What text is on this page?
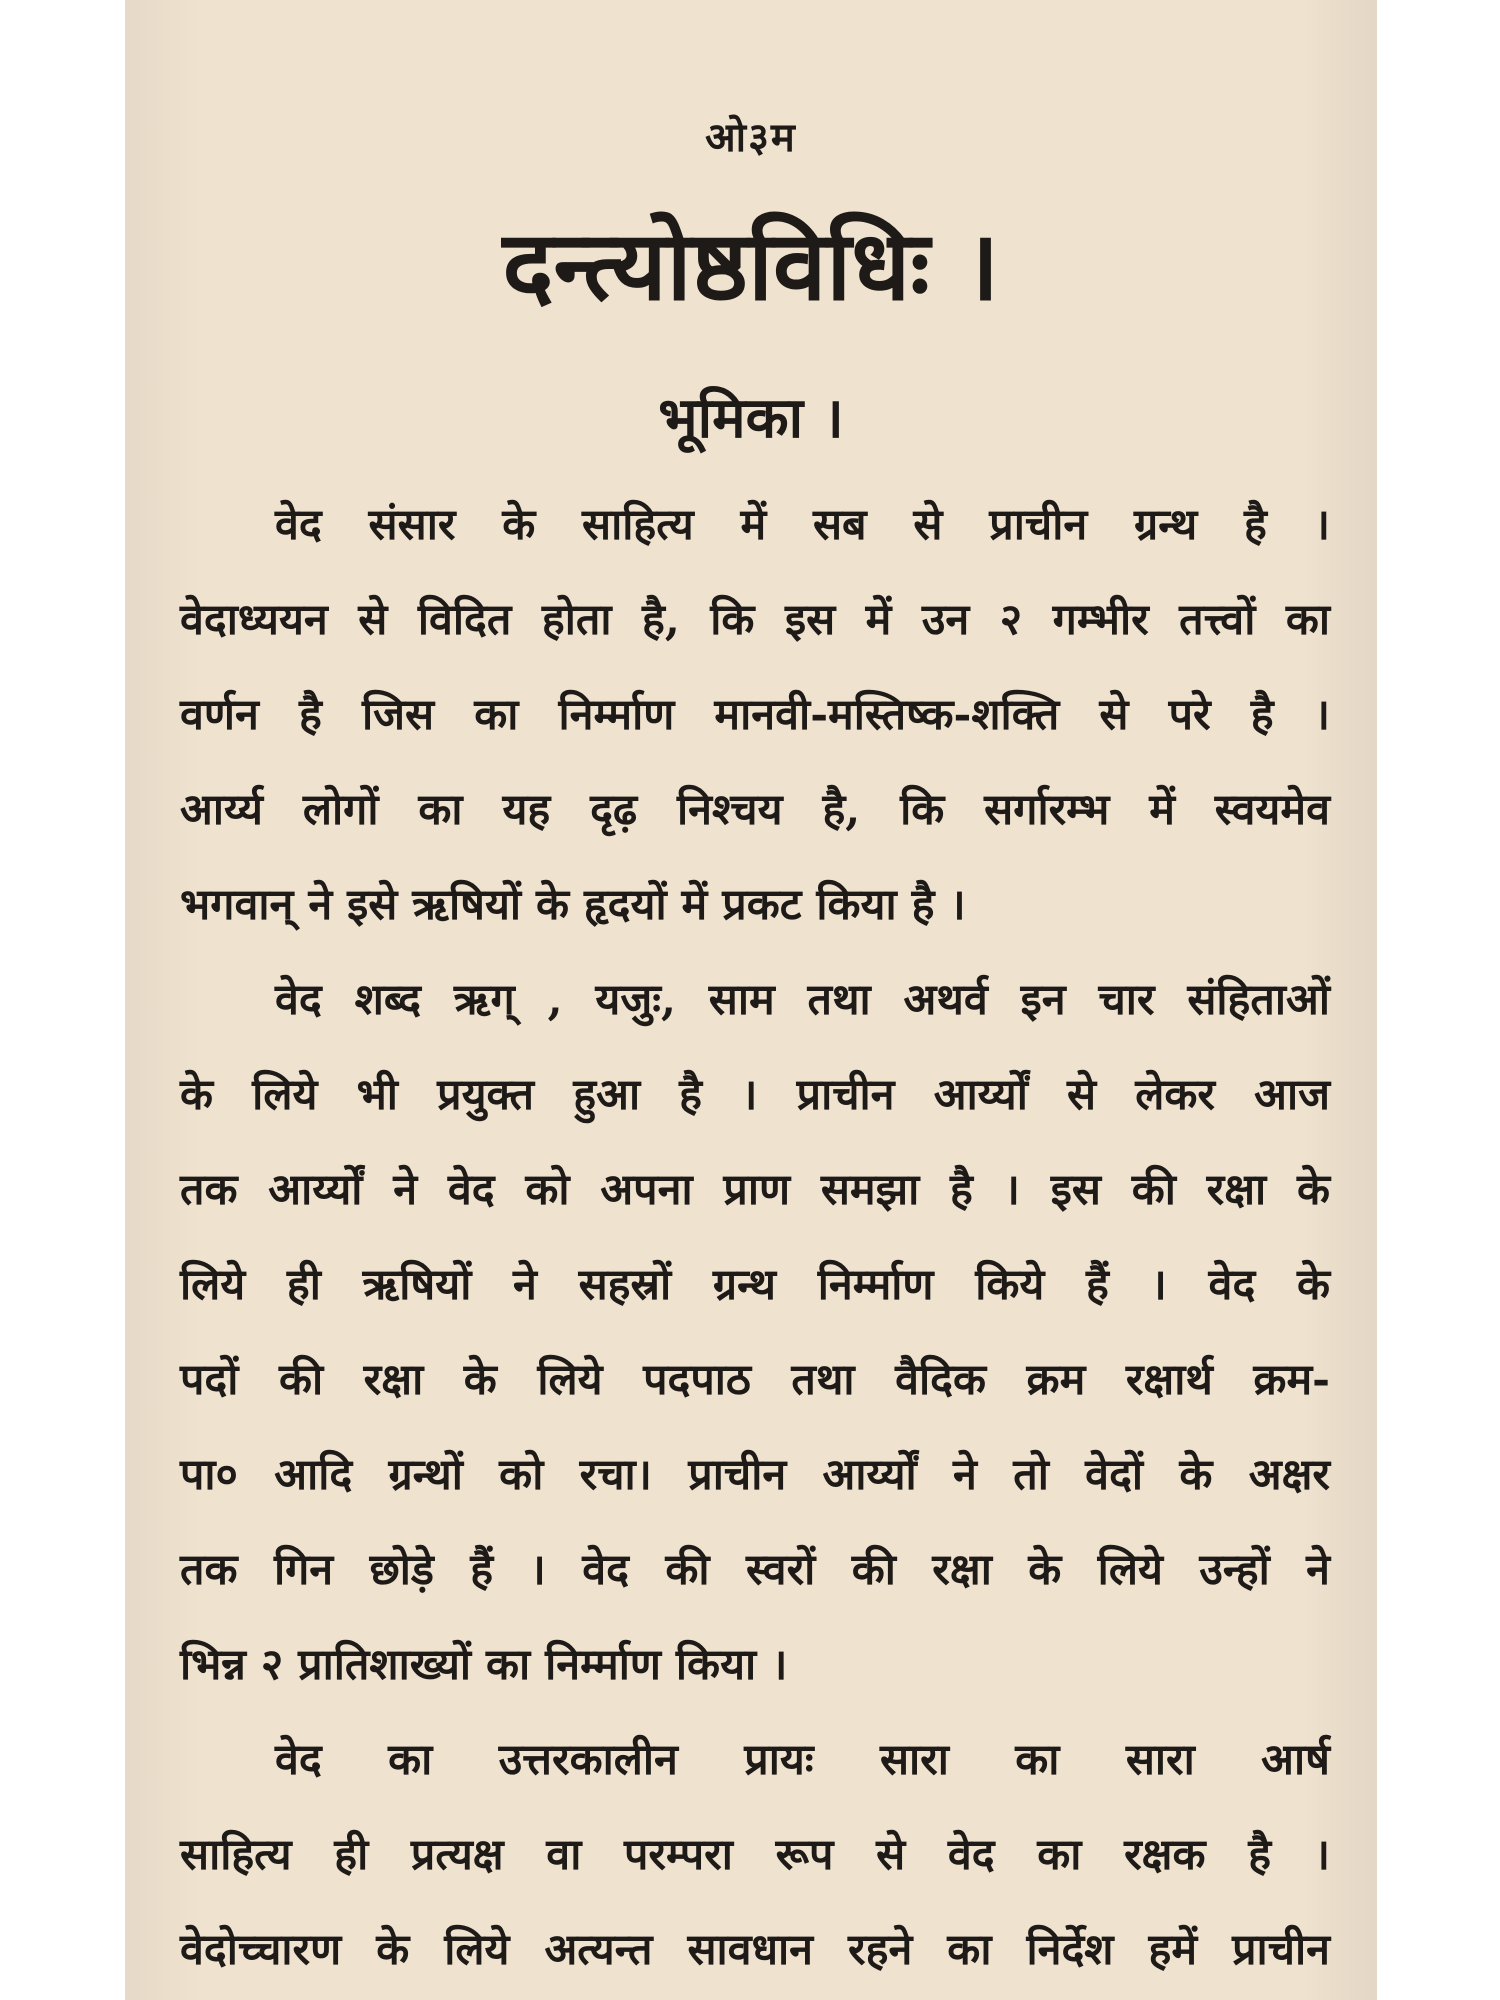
ओ३म
दन्त्योष्ठविधिः ।
भूमिका ।
वेद संसार के साहित्य में सब से प्राचीन ग्रन्थ है ।
वेदाध्ययन से विदित होता है, कि इस में उन २ गम्भीर तत्त्वों का
वर्णन है जिस का निर्म्माण मानवी-मस्तिष्क-शक्ति से परे है ।
आर्य्य लोगों का यह दृढ़ निश्चय है, कि सर्गारम्भ में स्वयमेव
भगवान् ने इसे ऋषियों के हृदयों में प्रकट किया है ।
वेद शब्द ऋग् , यजुः, साम तथा अथर्व इन चार संहिताओं
के लिये भी प्रयुक्त हुआ है । प्राचीन आर्य्यों से लेकर आज
तक आर्य्यों ने वेद को अपना प्राण समझा है । इस की रक्षा के
लिये ही ऋषियों ने सहस्रों ग्रन्थ निर्म्माण किये हैं । वेद के
पदों की रक्षा के लिये पदपाठ तथा वैदिक क्रम रक्षार्थ क्रम-
पा० आदि ग्रन्थों को रचा। प्राचीन आर्य्यों ने तो वेदों के अक्षर
तक गिन छोड़े हैं । वेद की स्वरों की रक्षा के लिये उन्हों ने
भिन्न २ प्रातिशाख्यों का निर्म्माण किया ।
वेद का उत्तरकालीन प्रायः सारा का सारा आर्ष
साहित्य ही प्रत्यक्ष वा परम्परा रूप से वेद का रक्षक है ।
वेदोच्चारण के लिये अत्यन्त सावधान रहने का निर्देश हमें प्राचीन
